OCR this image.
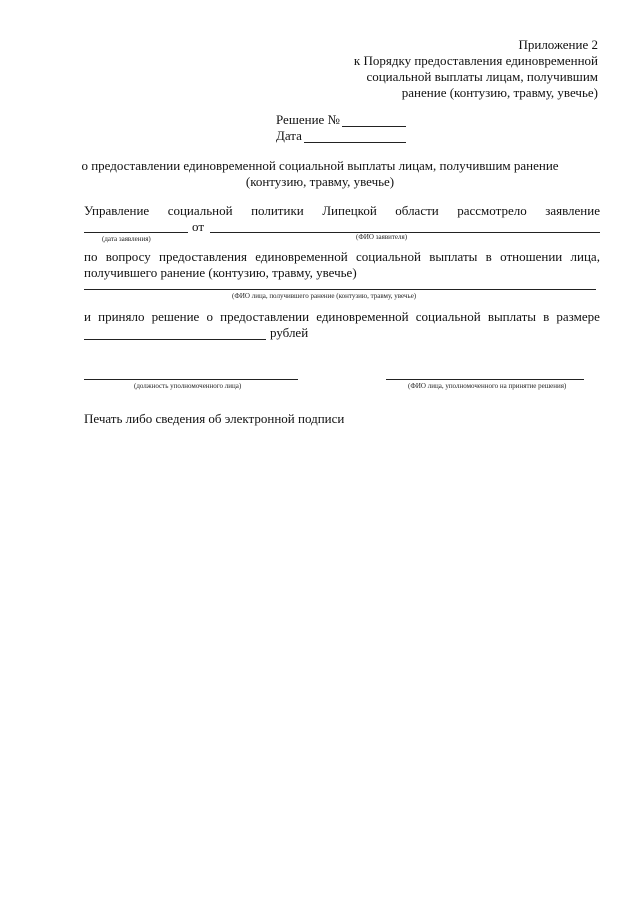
Приложение 2
к Порядку предоставления единовременной
социальной выплаты лицам, получившим
ранение (контузию, травму, увечье)
Решение №
Дата
о предоставлении единовременной социальной выплаты лицам, получившим ранение
(контузию, травму, увечье)
Управление социальной политики Липецкой области рассмотрело заявление
от
(дата заявления)	(ФИО заявителя)
по вопросу предоставления единовременной социальной выплаты в отношении лица,
получившего ранение (контузию, травму, увечье)
(ФИО лица, получившего ранение (контузию, травму, увечье)
и приняло решение о предоставлении единовременной социальной выплаты в размере
рублей
(должность уполномоченного лица)	(ФИО лица, уполномоченного на принятие решения)
Печать либо сведения об электронной подписи
